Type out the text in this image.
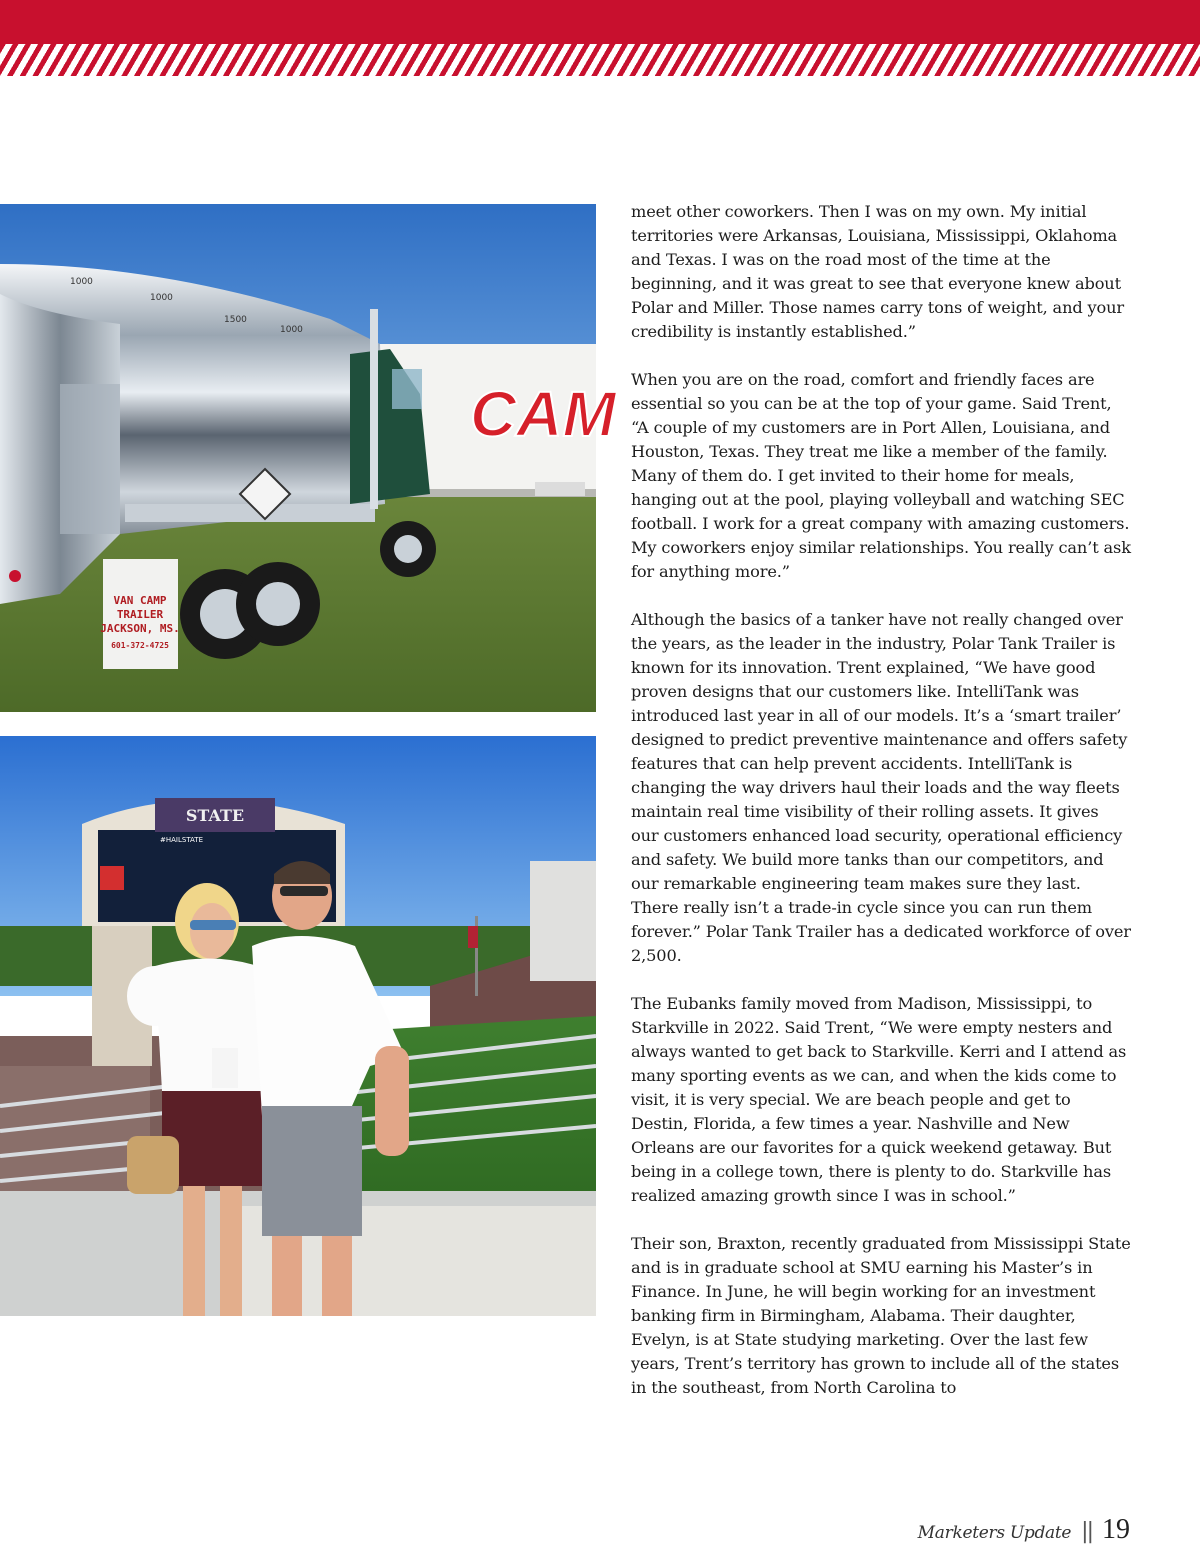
CAM
1000
1000
1500
1000
VAN CAMP
TRAILER
JACKSON, MS.
601-372-4725
STATE
#HAILSTATE

meet other coworkers. Then I was on my own. My initial territories were Arkansas, Louisiana, Mississippi, Oklahoma and Texas. I was on the road most of the time at the beginning, and it was great to see that everyone knew about Polar and Miller. Those names carry tons of weight, and your credibility is instantly established.”

When you are on the road, comfort and friendly faces are essential so you can be at the top of your game. Said Trent, “A couple of my customers are in Port Allen, Louisiana, and Houston, Texas. They treat me like a member of the family. Many of them do. I get invited to their home for meals, hanging out at the pool, playing volleyball and watching SEC football. I work for a great company with amazing customers. My coworkers enjoy similar relationships. You really can’t ask for anything more.”

Although the basics of a tanker have not really changed over the years, as the leader in the industry, Polar Tank Trailer is known for its innovation. Trent explained, “We have good proven designs that our customers like. IntelliTank was introduced last year in all of our models. It’s a ‘smart trailer’ designed to predict preventive maintenance and offers safety features that can help prevent accidents. IntelliTank is changing the way drivers haul their loads and the way fleets maintain real time visibility of their rolling assets. It gives our customers enhanced load security, operational efficiency and safety. We build more tanks than our competitors, and our remarkable engineering team makes sure they last. There really isn’t a trade-in cycle since you can run them forever.” Polar Tank Trailer has a dedicated workforce of over 2,500.

The Eubanks family moved from Madison, Mississippi, to Starkville in 2022. Said Trent, “We were empty nesters and always wanted to get back to Starkville. Kerri and I attend as many sporting events as we can, and when the kids come to visit, it is very special. We are beach people and get to Destin, Florida, a few times a year. Nashville and New Orleans are our favorites for a quick weekend getaway. But being in a college town, there is plenty to do. Starkville has realized amazing growth since I was in school.”

Their son, Braxton, recently graduated from Mississippi State and is in graduate school at SMU earning his Master’s in Finance. In June, he will begin working for an investment banking firm in Birmingham, Alabama. Their daughter, Evelyn, is at State studying marketing. Over the last few years, Trent’s territory has grown to include all of the states in the southeast, from North Carolina to

Marketers Update || 19
